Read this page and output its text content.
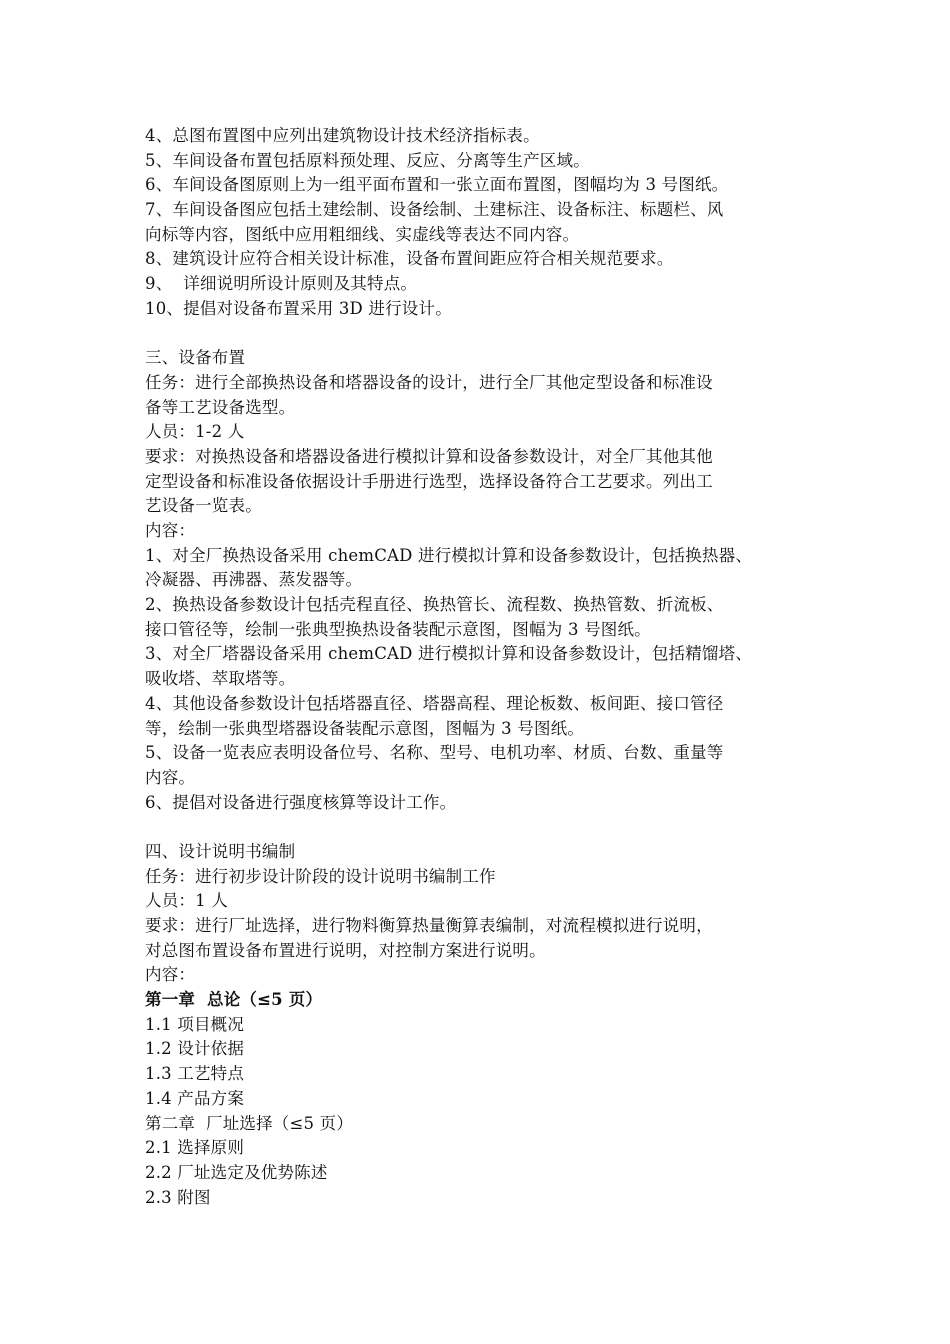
4、总图布置图中应列出建筑物设计技术经济指标表。
5、车间设备布置包括原料预处理、反应、分离等生产区域。
6、车间设备图原则上为一组平面布置和一张立面布置图，图幅均为 3 号图纸。
7、车间设备图应包括土建绘制、设备绘制、土建标注、设备标注、标题栏、风
向标等内容，图纸中应用粗细线、实虚线等表达不同内容。
8、建筑设计应符合相关设计标准，设备布置间距应符合相关规范要求。
9、  详细说明所设计原则及其特点。
10、提倡对设备布置采用 3D 进行设计。
三、设备布置
任务：进行全部换热设备和塔器设备的设计，进行全厂其他定型设备和标准设
备等工艺设备选型。
人员：1-2 人
要求：对换热设备和塔器设备进行模拟计算和设备参数设计，对全厂其他其他
定型设备和标准设备依据设计手册进行选型，选择设备符合工艺要求。列出工
艺设备一览表。
内容：
1、对全厂换热设备采用 chemCAD 进行模拟计算和设备参数设计，包括换热器、
冷凝器、再沸器、蒸发器等。
2、换热设备参数设计包括壳程直径、换热管长、流程数、换热管数、折流板、
接口管径等，绘制一张典型换热设备装配示意图，图幅为 3 号图纸。
3、对全厂塔器设备采用 chemCAD 进行模拟计算和设备参数设计，包括精馏塔、
吸收塔、萃取塔等。
4、其他设备参数设计包括塔器直径、塔器高程、理论板数、板间距、接口管径
等，绘制一张典型塔器设备装配示意图，图幅为 3 号图纸。
5、设备一览表应表明设备位号、名称、型号、电机功率、材质、台数、重量等
内容。
6、提倡对设备进行强度核算等设计工作。
四、设计说明书编制
任务：进行初步设计阶段的设计说明书编制工作
人员：1 人
要求：进行厂址选择，进行物料衡算热量衡算表编制，对流程模拟进行说明，
对总图布置设备布置进行说明，对控制方案进行说明。
内容：
第一章  总论（≤5 页）
1.1 项目概况
1.2 设计依据
1.3 工艺特点
1.4 产品方案
第二章  厂址选择（≤5 页）
2.1 选择原则
2.2 厂址选定及优势陈述
2.3 附图
